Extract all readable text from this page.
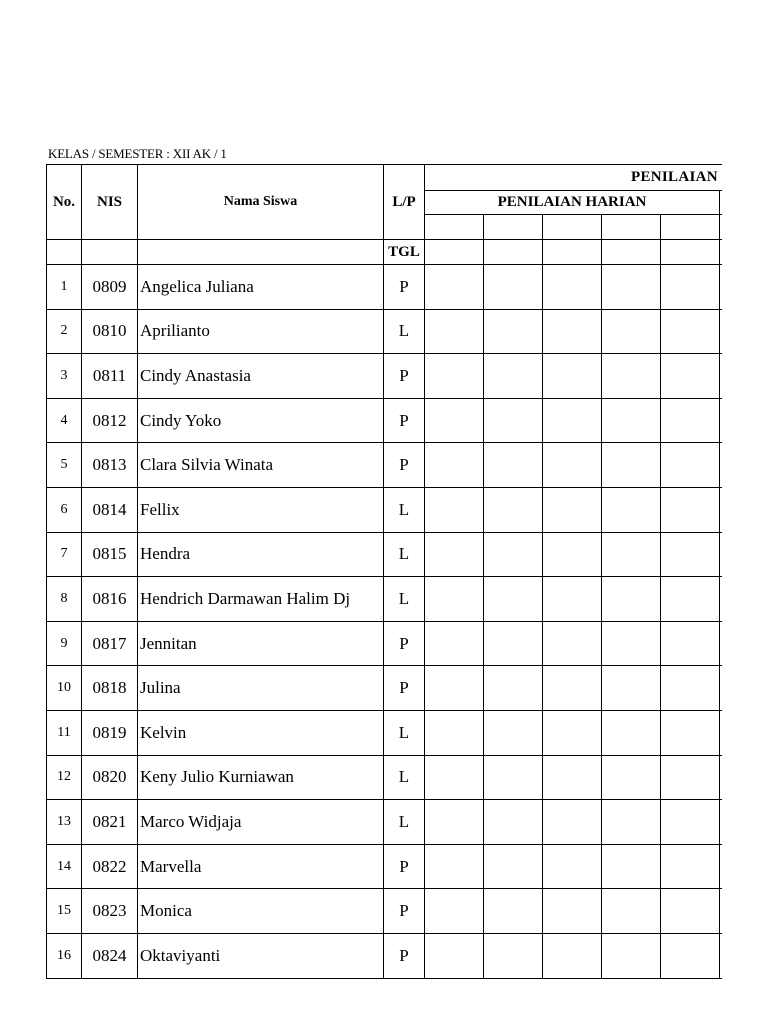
KELAS / SEMESTER : XII AK / 1
No.	NIS	Nama Siswa	L/P	PENILAIAN					
				PENILAIAN HARIAN					

			TGL						
1	0809	Angelica Juliana	P						
2	0810	Aprilianto	L						
3	0811	Cindy Anastasia	P						
4	0812	Cindy Yoko	P						
5	0813	Clara Silvia Winata	P						
6	0814	Fellix	L						
7	0815	Hendra	L						
8	0816	Hendrich Darmawan Halim Dj	L						
9	0817	Jennitan	P						
10	0818	Julina	P						
11	0819	Kelvin	L						
12	0820	Keny Julio Kurniawan	L						
13	0821	Marco Widjaja	L						
14	0822	Marvella	P						
15	0823	Monica	P						
16	0824	Oktaviyanti	P						
